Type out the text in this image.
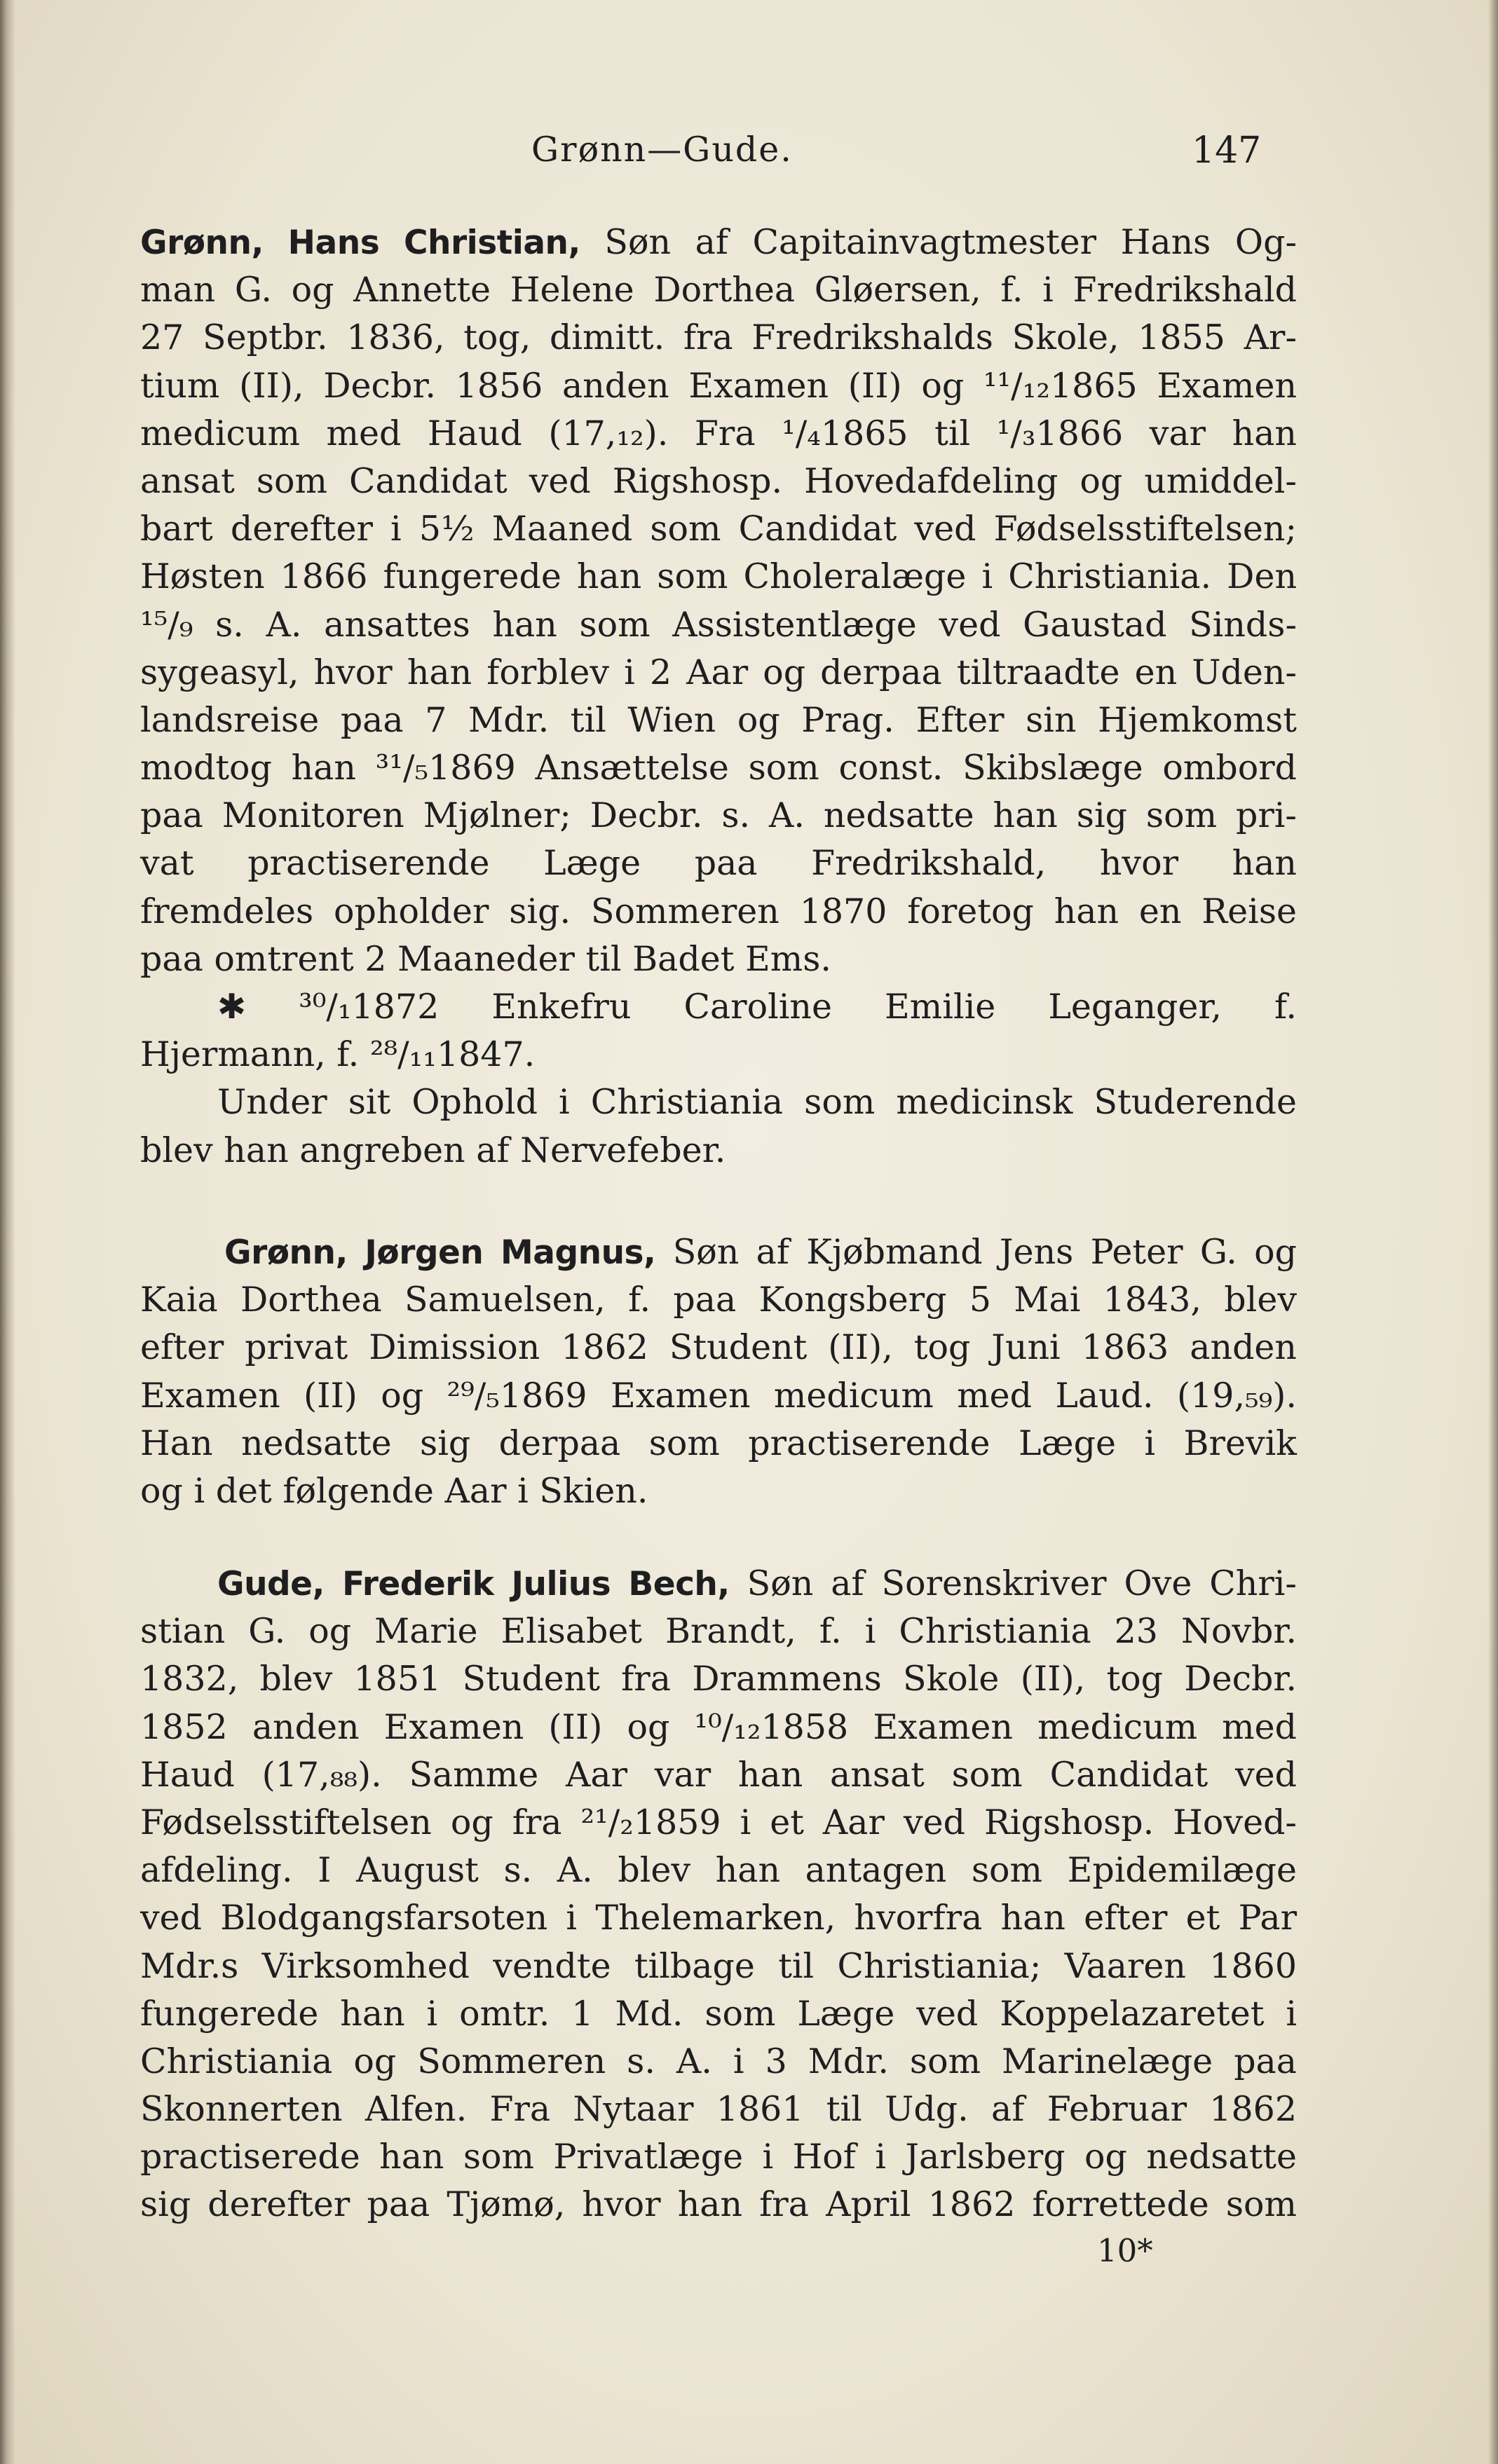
Grønn—Gude.	147
Grønn, Hans Christian, Søn af Capitainvagtmester Hans Og-
man G. og Annette Helene Dorthea Gløersen, f. i Fredrikshald
27 Septbr. 1836, tog, dimitt. fra Fredrikshalds Skole, 1855 Ar-
tium (II), Decbr. 1856 anden Examen (II) og ¹¹/₁₂1865 Examen
medicum med Haud (17,₁₂). Fra ¹/₄1865 til ¹/₃1866 var han
ansat som Candidat ved Rigshosp. Hovedafdeling og umiddel-
bart derefter i 5½ Maaned som Candidat ved Fødselsstiftelsen;
Høsten 1866 fungerede han som Choleralæge i Christiania. Den
¹⁵/₉ s. A. ansattes han som Assistentlæge ved Gaustad Sinds-
sygeasyl, hvor han forblev i 2 Aar og derpaa tiltraadte en Uden-
landsreise paa 7 Mdr. til Wien og Prag. Efter sin Hjemkomst
modtog han ³¹/₅1869 Ansættelse som const. Skibslæge ombord
paa Monitoren Mjølner; Decbr. s. A. nedsatte han sig som pri-
vat practiserende Læge paa Fredrikshald, hvor han
fremdeles opholder sig. Sommeren 1870 foretog han en Reise
paa omtrent 2 Maaneder til Badet Ems.
✱ ³⁰/₁1872 Enkefru Caroline Emilie Leganger, f.
Hjermann, f. ²⁸/₁₁1847.
Under sit Ophold i Christiania som medicinsk Studerende
blev han angreben af Nervefeber.
Grønn, Jørgen Magnus, Søn af Kjøbmand Jens Peter G. og
Kaia Dorthea Samuelsen, f. paa Kongsberg 5 Mai 1843, blev
efter privat Dimission 1862 Student (II), tog Juni 1863 anden
Examen (II) og ²⁹/₅1869 Examen medicum med Laud. (19,₅₉).
Han nedsatte sig derpaa som practiserende Læge i Brevik
og i det følgende Aar i Skien.
Gude, Frederik Julius Bech, Søn af Sorenskriver Ove Chri-
stian G. og Marie Elisabet Brandt, f. i Christiania 23 Novbr.
1832, blev 1851 Student fra Drammens Skole (II), tog Decbr.
1852 anden Examen (II) og ¹⁰/₁₂1858 Examen medicum med
Haud (17,₈₈). Samme Aar var han ansat som Candidat ved
Fødselsstiftelsen og fra ²¹/₂1859 i et Aar ved Rigshosp. Hoved-
afdeling. I August s. A. blev han antagen som Epidemilæge
ved Blodgangsfarsoten i Thelemarken, hvorfra han efter et Par
Mdr.s Virksomhed vendte tilbage til Christiania; Vaaren 1860
fungerede han i omtr. 1 Md. som Læge ved Koppelazaretet i
Christiania og Sommeren s. A. i 3 Mdr. som Marinelæge paa
Skonnerten Alfen. Fra Nytaar 1861 til Udg. af Februar 1862
practiserede han som Privatlæge i Hof i Jarlsberg og nedsatte
sig derefter paa Tjømø, hvor han fra April 1862 forrettede som
10*
